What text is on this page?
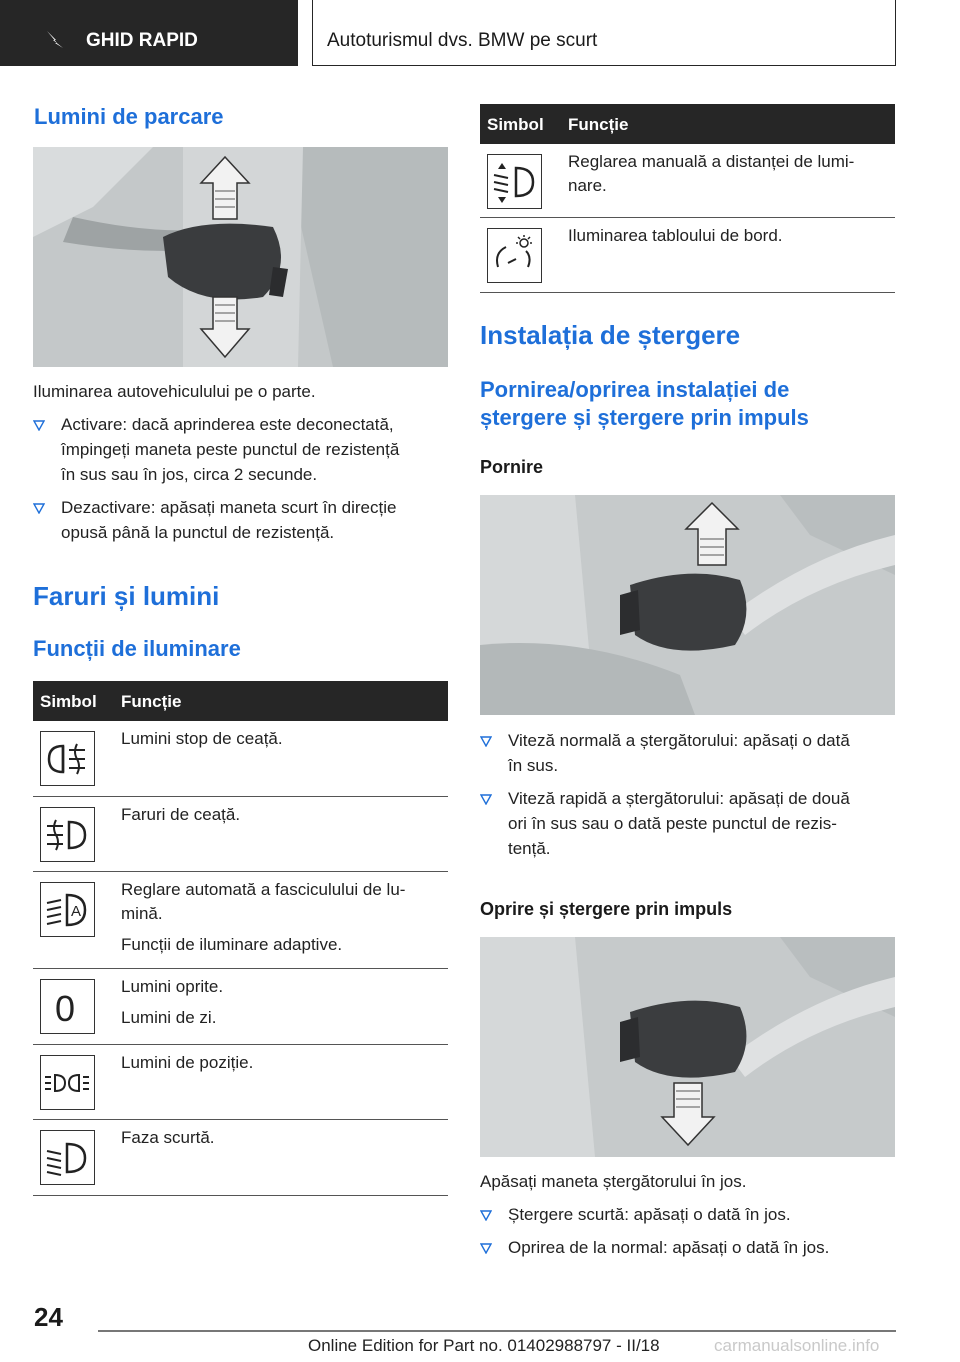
GHID RAPID	Autoturismul dvs. BMW pe scurt
Lumini de parcare
Iluminarea autovehiculului pe o parte.
Activare: dacă aprinderea este deconectată,
împingeți maneta peste punctul de rezistență
în sus sau în jos, circa 2 secunde.
Dezactivare: apăsați maneta scurt în direcție
opusă până la punctul de rezistență.
Faruri și lumini
Funcții de iluminare
Simbol Funcție
Lumini stop de ceață.
Faruri de ceață.
A
Reglare automată a fasciculului de lu-
mină.
Funcții de iluminare adaptive.
0
Lumini oprite.
Lumini de zi.
Lumini de poziție.
Faza scurtă.
Simbol Funcție
Reglarea manuală a distanței de lumi-
nare.
Iluminarea tabloului de bord.
Instalația de ștergere
Pornirea/oprirea instalației de
ștergere și ștergere prin impuls
Pornire
Viteză normală a ștergătorului: apăsați o dată
în sus.
Viteză rapidă a ștergătorului: apăsați de două
ori în sus sau o dată peste punctul de rezis-
tență.
Oprire și ștergere prin impuls
Apăsați maneta ștergătorului în jos.
Ștergere scurtă: apăsați o dată în jos.
Oprirea de la normal: apăsați o dată în jos.
24
Online Edition for Part no. 01402988797 - II/18	carmanualsonline.info
